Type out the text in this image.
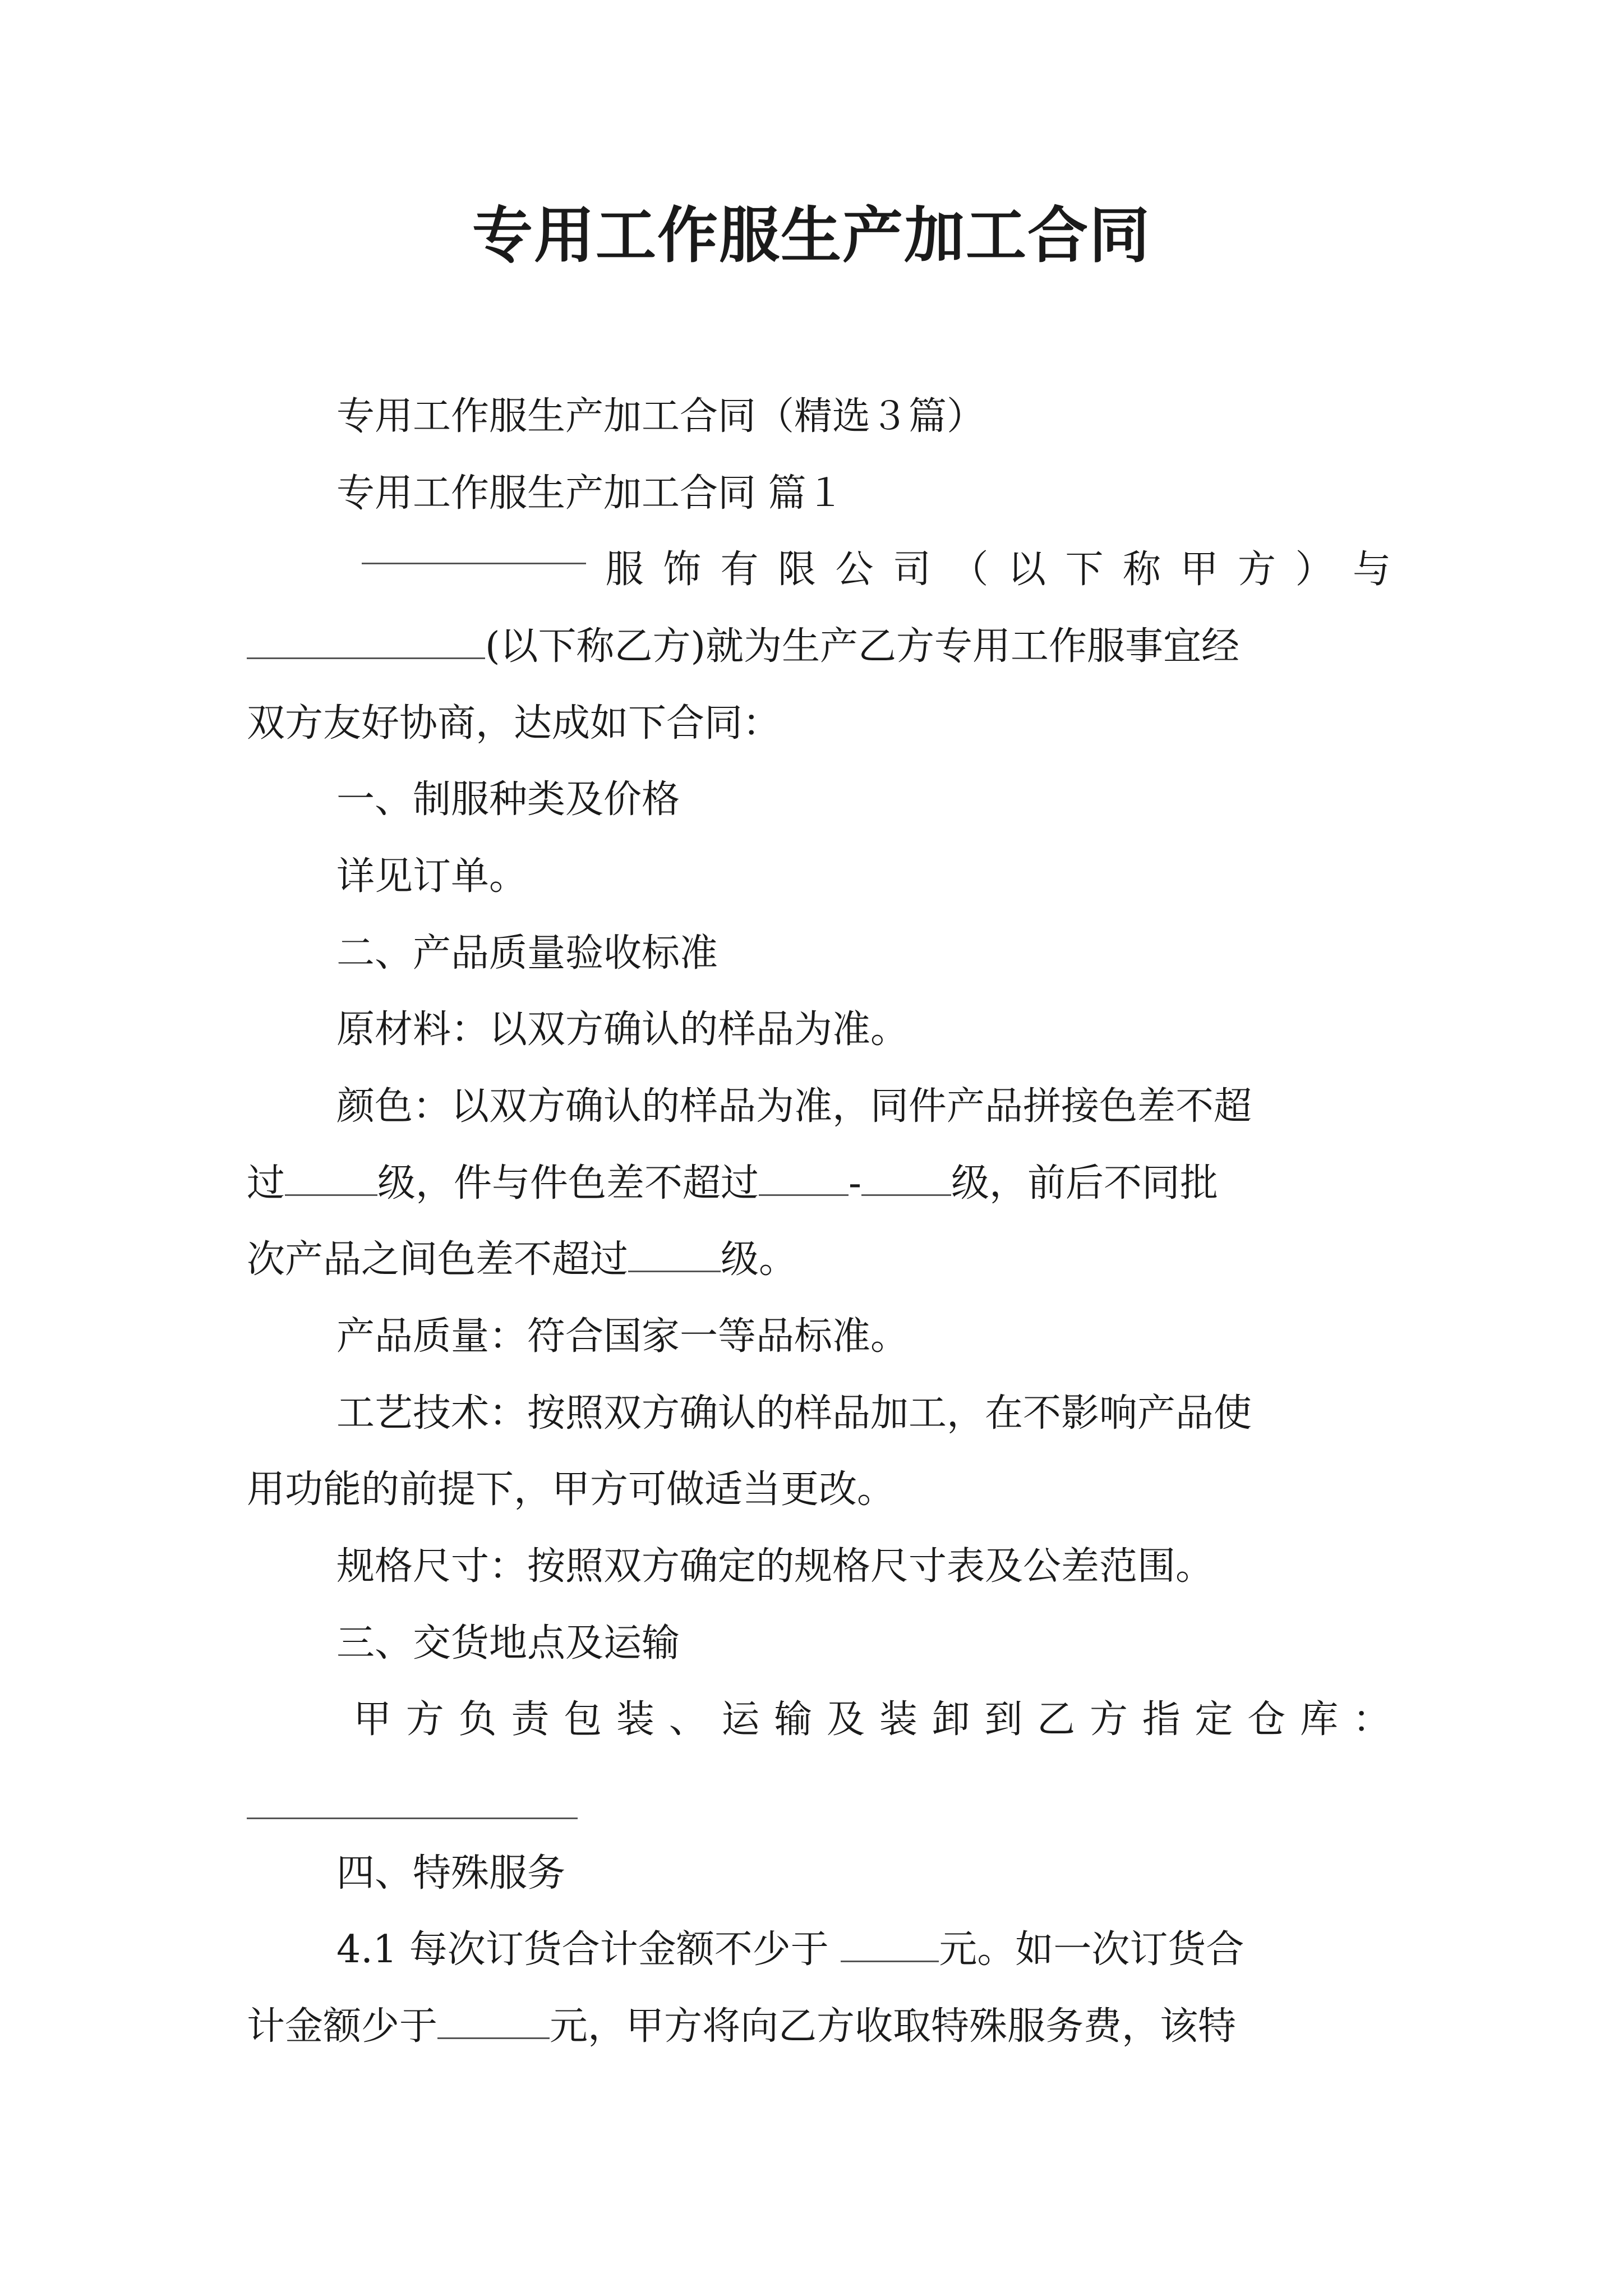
专用工作服生产加工合同

专用工作服生产加工合同（精选３篇）

专用工作服生产加工合同 篇１

服 饰 有 限 公 司 （ 以 下 称 甲 方 ） 与

(以下称乙方)就为生产乙方专用工作服事宜经

双方友好协商，达成如下合同：

一、制服种类及价格

详见订单。

二、产品质量验收标准

原材料：以双方确认的样品为准。

颜色：以双方确认的样品为准，同件产品拼接色差不超

过 级，件与件色差不超过 - 级，前后不同批

次产品之间色差不超过 级。

产品质量：符合国家一等品标准。

工艺技术：按照双方确认的样品加工，在不影响产品使

用功能的前提下，甲方可做适当更改。

规格尺寸：按照双方确定的规格尺寸表及公差范围。

三、交货地点及运输

甲 方 负 责 包 装 、 运 输 及 装 卸 到 乙 方 指 定 仓 库 ：

四、特殊服务

4.1 每次订货合计金额不少于	元。如一次订货合

计金额少于	元，甲方将向乙方收取特殊服务费，该特
